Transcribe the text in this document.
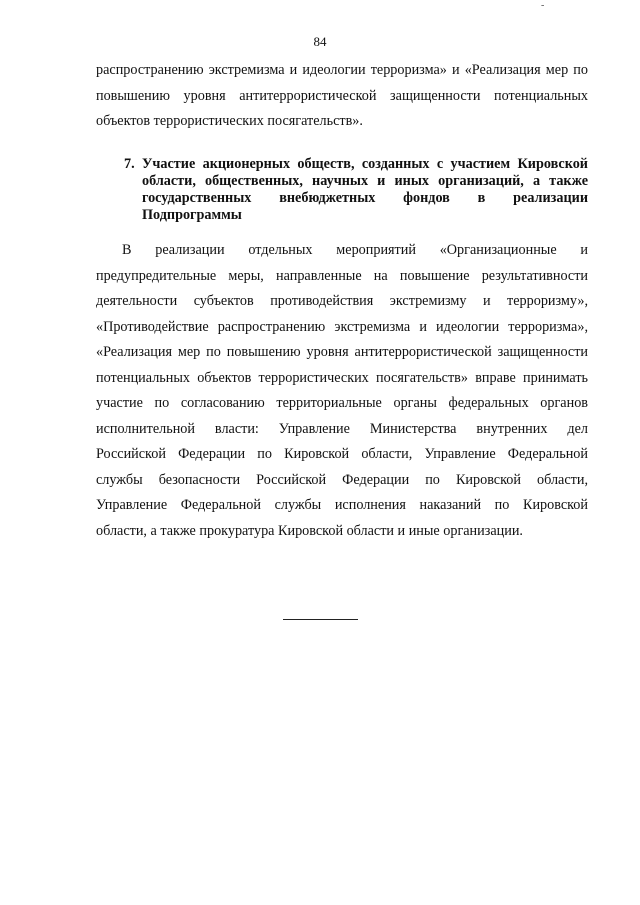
84
-
распространению экстремизма и идеологии терроризма» и «Реализация мер по
повышению уровня антитеррористической защищенности потенциальных
объектов террористических посягательств».
7. Участие акционерных обществ, созданных с участием Кировской
области, общественных, научных и иных организаций, а также
государственных внебюджетных фондов в реализации
Подпрограммы
В реализации отдельных мероприятий «Организационные и
предупредительные меры, направленные на повышение результативности
деятельности субъектов противодействия экстремизму и терроризму»,
«Противодействие распространению экстремизма и идеологии терроризма»,
«Реализация мер по повышению уровня антитеррористической защищенности
потенциальных объектов террористических посягательств» вправе принимать
участие по согласованию территориальные органы федеральных органов
исполнительной власти: Управление Министерства внутренних дел
Российской Федерации по Кировской области, Управление Федеральной
службы безопасности Российской Федерации по Кировской области,
Управление Федеральной службы исполнения наказаний по Кировской
области, а также прокуратура Кировской области и иные организации.
